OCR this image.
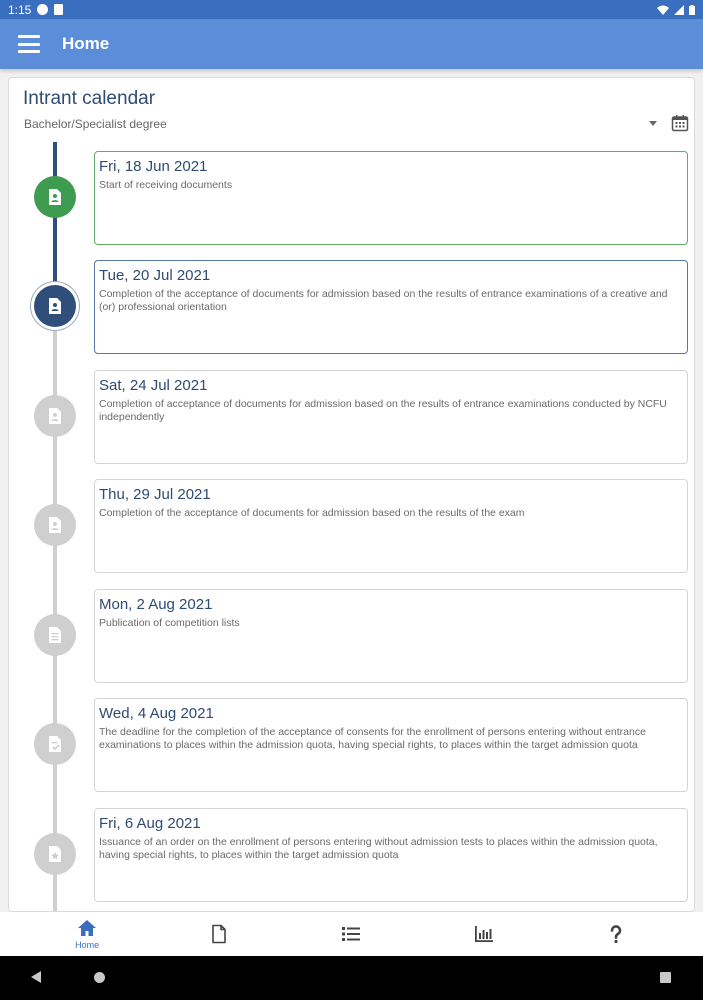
1:15
Home
Intrant calendar
Bachelor/Specialist degree
Fri, 18 Jun 2021
Start of receiving documents
Tue, 20 Jul 2021
Completion of the acceptance of documents for admission based on the results of entrance examinations of a creative and (or) professional orientation
Sat, 24 Jul 2021
Completion of acceptance of documents for admission based on the results of entrance examinations conducted by NCFU independently
Thu, 29 Jul 2021
Completion of the acceptance of documents for admission based on the results of the exam
Mon, 2 Aug 2021
Publication of competition lists
Wed, 4 Aug 2021
The deadline for the completion of the acceptance of consents for the enrollment of persons entering without entrance examinations to places within the admission quota, having special rights, to places within the target admission quota
Fri, 6 Aug 2021
Issuance of an order on the enrollment of persons entering without admission tests to places within the admission quota, having special rights, to places within the target admission quota
Home
